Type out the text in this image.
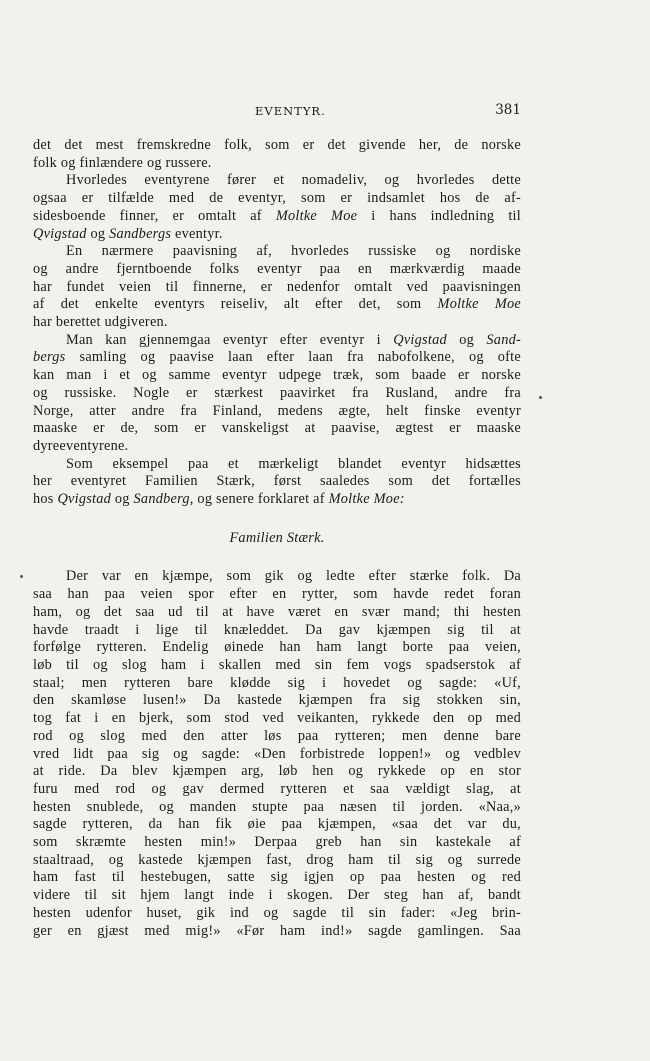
EVENTYR.	381
det det mest fremskredne folk, som er det givende her, de norske
folk og finlændere og russere.
Hvorledes eventyrene fører et nomadeliv, og hvorledes dette
ogsaa er tilfælde med de eventyr, som er indsamlet hos de af-
sidesboende finner, er omtalt af Moltke Moe i hans indledning til
Qvigstad og Sandbergs eventyr.
En nærmere paavisning af, hvorledes russiske og nordiske
og andre fjerntboende folks eventyr paa en mærkværdig maade
har fundet veien til finnerne, er nedenfor omtalt ved paavisningen
af det enkelte eventyrs reiseliv, alt efter det, som Moltke Moe
har berettet udgiveren.
Man kan gjennemgaa eventyr efter eventyr i Qvigstad og Sand-
bergs samling og paavise laan efter laan fra nabofolkene, og ofte
kan man i et og samme eventyr udpege træk, som baade er norske
og russiske. Nogle er stærkest paavirket fra Rusland, andre fra
Norge, atter andre fra Finland, medens ægte, helt finske eventyr
maaske er de, som er vanskeligst at paavise, ægtest er maaske
dyreeventyrene.
Som eksempel paa et mærkeligt blandet eventyr hidsættes
her eventyret Familien Stærk, først saaledes som det fortælles
hos Qvigstad og Sandberg, og senere forklaret af Moltke Moe:
Familien Stærk.
Der var en kjæmpe, som gik og ledte efter stærke folk. Da
saa han paa veien spor efter en rytter, som havde redet foran
ham, og det saa ud til at have været en svær mand; thi hesten
havde traadt i lige til knæleddet. Da gav kjæmpen sig til at
forfølge rytteren. Endelig øinede han ham langt borte paa veien,
løb til og slog ham i skallen med sin fem vogs spadserstok af
staal; men rytteren bare klødde sig i hovedet og sagde: «Uf,
den skamløse lusen!» Da kastede kjæmpen fra sig stokken sin,
tog fat i en bjerk, som stod ved veikanten, rykkede den op med
rod og slog med den atter løs paa rytteren; men denne bare
vred lidt paa sig og sagde: «Den forbistrede loppen!» og vedblev
at ride. Da blev kjæmpen arg, løb hen og rykkede op en stor
furu med rod og gav dermed rytteren et saa vældigt slag, at
hesten snublede, og manden stupte paa næsen til jorden. «Naa,»
sagde rytteren, da han fik øie paa kjæmpen, «saa det var du,
som skræmte hesten min!» Derpaa greb han sin kastekale af
staaltraad, og kastede kjæmpen fast, drog ham til sig og surrede
ham fast til hestebugen, satte sig igjen op paa hesten og red
videre til sit hjem langt inde i skogen. Der steg han af, bandt
hesten udenfor huset, gik ind og sagde til sin fader: «Jeg brin-
ger en gjæst med mig!» «Før ham ind!» sagde gamlingen. Saa
